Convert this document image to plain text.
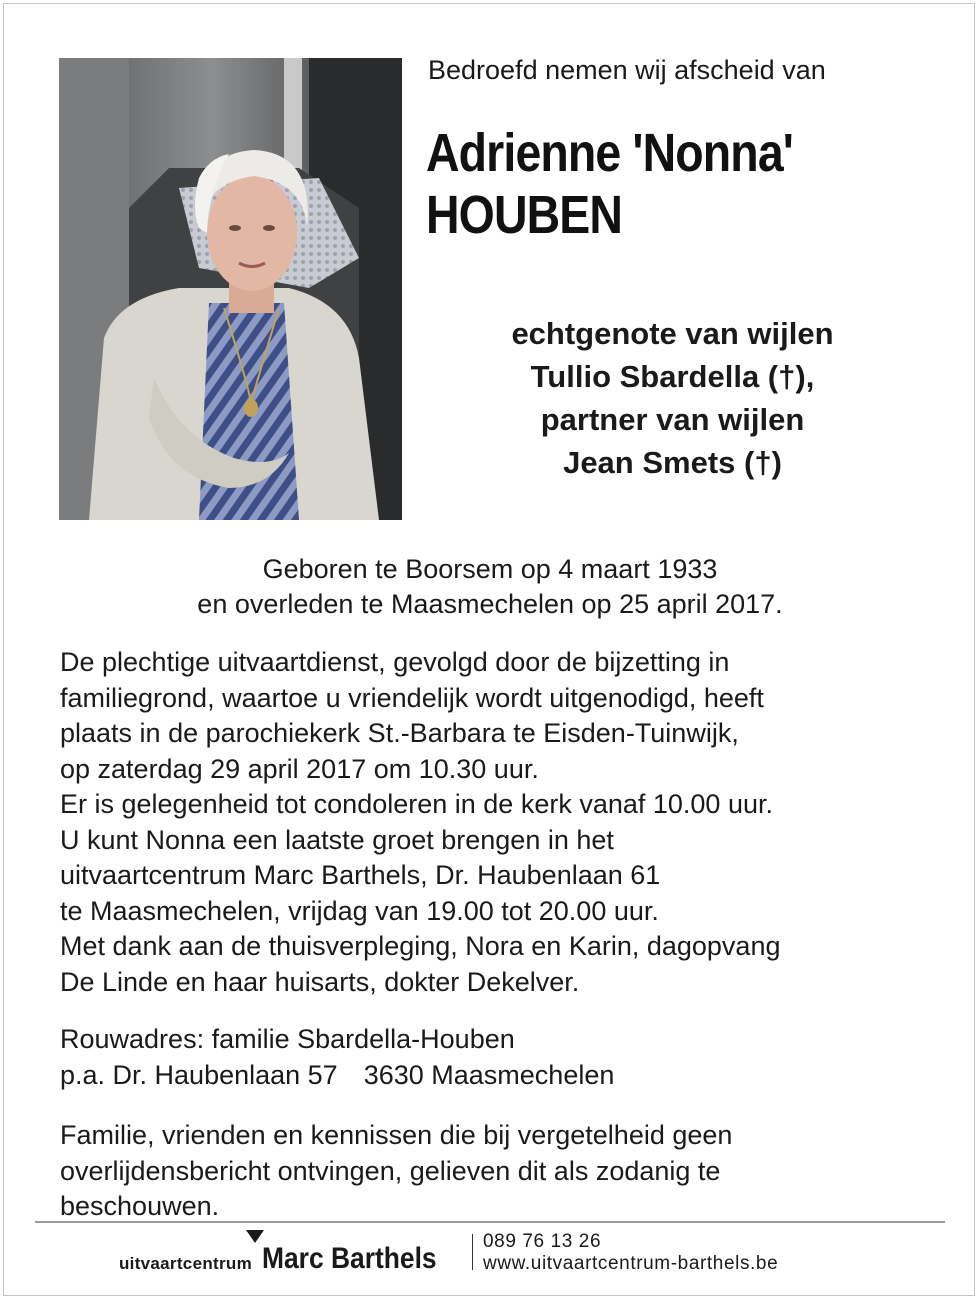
Bedroefd nemen wij afscheid van
Adrienne 'Nonna'
HOUBEN
echtgenote van wijlen
Tullio Sbardella (†),
partner van wijlen
Jean Smets (†)
Geboren te Boorsem op 4 maart 1933
en overleden te Maasmechelen op 25 april 2017.
De plechtige uitvaartdienst, gevolgd door de bijzetting in
familiegrond, waartoe u vriendelijk wordt uitgenodigd, heeft
plaats in de parochiekerk St.-Barbara te Eisden-Tuinwijk,
op zaterdag 29 april 2017 om 10.30 uur.
Er is gelegenheid tot condoleren in de kerk vanaf 10.00 uur.
U kunt Nonna een laatste groet brengen in het
uitvaartcentrum Marc Barthels, Dr. Haubenlaan 61
te Maasmechelen, vrijdag van 19.00 tot 20.00 uur.
Met dank aan de thuisverpleging, Nora en Karin, dagopvang
De Linde en haar huisarts, dokter Dekelver.
Rouwadres: familie Sbardella-Houben
p.a. Dr. Haubenlaan 57 3630 Maasmechelen
Familie, vrienden en kennissen die bij vergetelheid geen
overlijdensbericht ontvingen, gelieven dit als zodanig te
beschouwen.
uitvaartcentrum Marc Barthels
089 76 13 26
www.uitvaartcentrum-barthels.be
